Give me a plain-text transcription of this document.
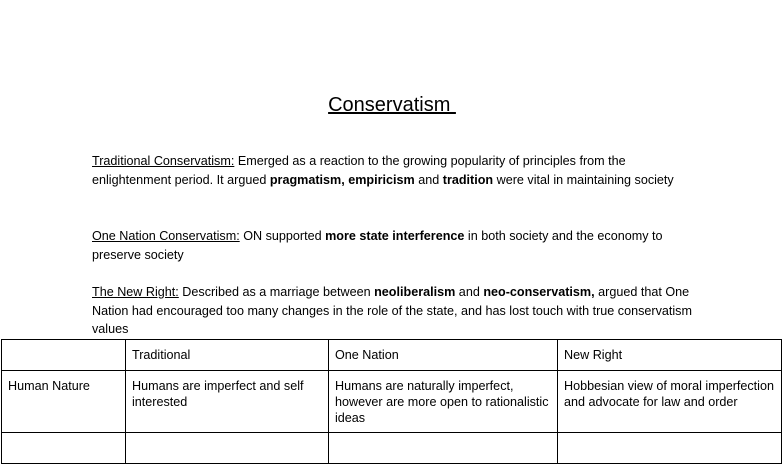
Conservatism
Traditional Conservatism: Emerged as a reaction to the growing popularity of principles from the enlightenment period. It argued pragmatism, empiricism and tradition were vital in maintaining society
One Nation Conservatism: ON supported more state interference in both society and the economy to preserve society
The New Right: Described as a marriage between neoliberalism and neo-conservatism, argued that One Nation had encouraged too many changes in the role of the state, and has lost touch with true conservatism values
	Traditional	One Nation	New Right
Human Nature	Humans are imperfect and self interested	Humans are naturally imperfect, however are more open to rationalistic ideas	Hobbesian view of moral imperfection and advocate for law and order
